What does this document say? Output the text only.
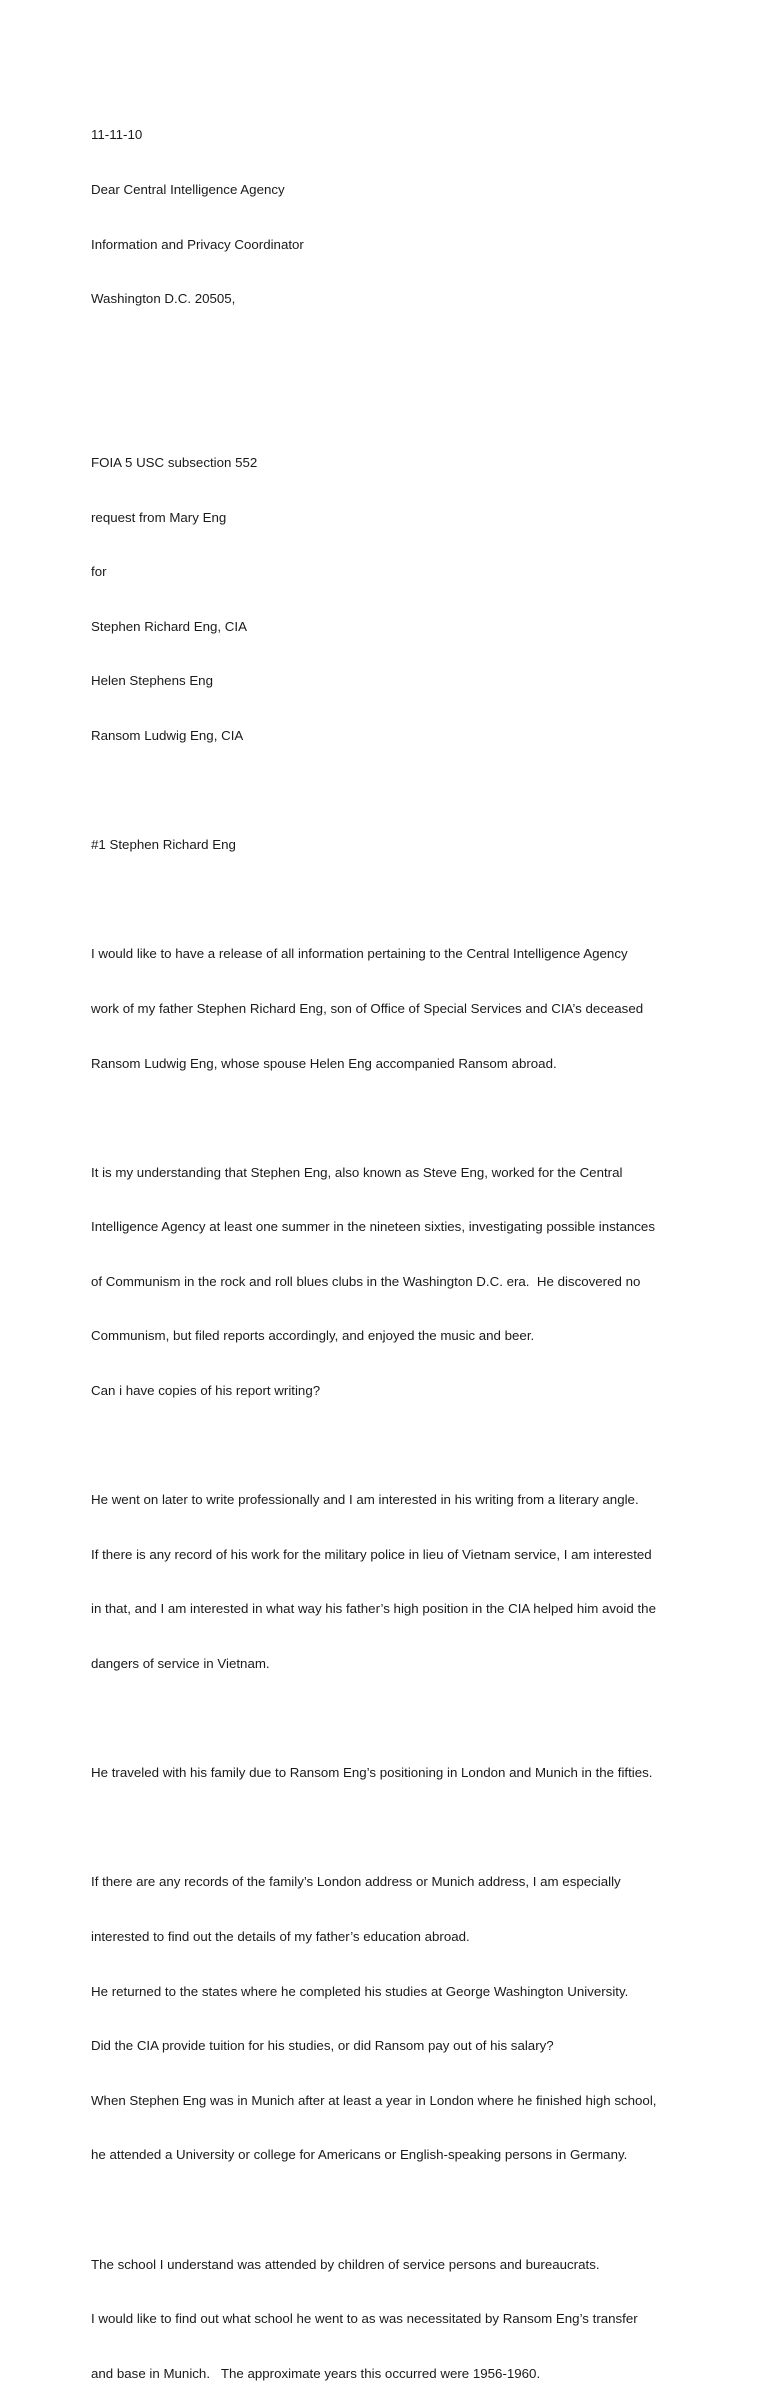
11-11-10

Dear Central Intelligence Agency

Information and Privacy Coordinator

Washington D.C. 20505,

FOIA 5 USC subsection 552

request from Mary Eng

for

Stephen Richard Eng, CIA

Helen Stephens Eng

Ransom Ludwig Eng, CIA

#1 Stephen Richard Eng

I would like to have a release of all information pertaining to the Central Intelligence Agency

work of my father Stephen Richard Eng, son of Office of Special Services and CIA’s deceased

Ransom Ludwig Eng, whose spouse Helen Eng accompanied Ransom abroad.

It is my understanding that Stephen Eng, also known as Steve Eng, worked for the Central

Intelligence Agency at least one summer in the nineteen sixties, investigating possible instances

of Communism in the rock and roll blues clubs in the Washington D.C. era.  He discovered no

Communism, but filed reports accordingly, and enjoyed the music and beer.

Can i have copies of his report writing?

He went on later to write professionally and I am interested in his writing from a literary angle.

If there is any record of his work for the military police in lieu of Vietnam service, I am interested

in that, and I am interested in what way his father’s high position in the CIA helped him avoid the

dangers of service in Vietnam.

He traveled with his family due to Ransom Eng’s positioning in London and Munich in the fifties.

If there are any records of the family’s London address or Munich address, I am especially

interested to find out the details of my father’s education abroad.

He returned to the states where he completed his studies at George Washington University.

Did the CIA provide tuition for his studies, or did Ransom pay out of his salary?

When Stephen Eng was in Munich after at least a year in London where he finished high school,

he attended a University or college for Americans or English-speaking persons in Germany.

The school I understand was attended by children of service persons and bureaucrats.

I would like to find out what school he went to as was necessitated by Ransom Eng’s transfer

and base in Munich.   The approximate years this occurred were 1956-1960.
